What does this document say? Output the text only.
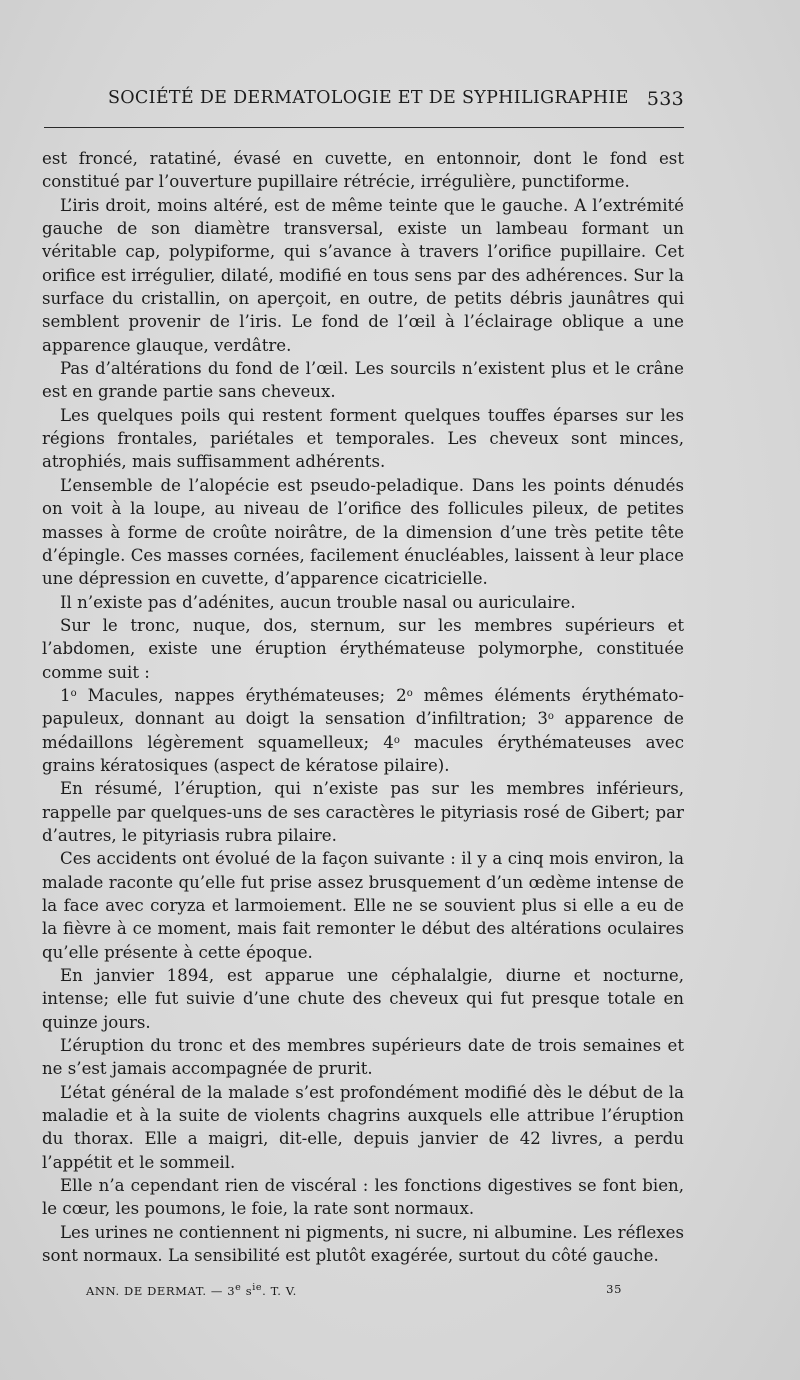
SOCIÉTÉ DE DERMATOLOGIE ET DE SYPHILIGRAPHIE 533

est froncé, ratatiné, évasé en cuvette, en entonnoir, dont le fond est constitué par l’ouverture pupillaire rétrécie, irrégulière, punctiforme.

L’iris droit, moins altéré, est de même teinte que le gauche. A l’extrémité gauche de son diamètre transversal, existe un lambeau formant un véritable cap, polypiforme, qui s’avance à travers l’orifice pupillaire. Cet orifice est irrégulier, dilaté, modifié en tous sens par des adhérences. Sur la surface du cristallin, on aperçoit, en outre, de petits débris jaunâtres qui semblent provenir de l’iris. Le fond de l’œil à l’éclairage oblique a une apparence glauque, verdâtre.

Pas d’altérations du fond de l’œil. Les sourcils n’existent plus et le crâne est en grande partie sans cheveux.

Les quelques poils qui restent forment quelques touffes éparses sur les régions frontales, pariétales et temporales. Les cheveux sont minces, atrophiés, mais suffisamment adhérents.

L’ensemble de l’alopécie est pseudo-peladique. Dans les points dénudés on voit à la loupe, au niveau de l’orifice des follicules pileux, de petites masses à forme de croûte noirâtre, de la dimension d’une très petite tête d’épingle. Ces masses cornées, facilement énucléables, laissent à leur place une dépression en cuvette, d’apparence cicatricielle.

Il n’existe pas d’adénites, aucun trouble nasal ou auriculaire.

Sur le tronc, nuque, dos, sternum, sur les membres supérieurs et l’abdomen, existe une éruption érythémateuse polymorphe, constituée comme suit :

1$^o$ Macules, nappes érythémateuses; 2$^o$ mêmes éléments érythémato-papuleux, donnant au doigt la sensation d’infiltration; 3$^o$ apparence de médaillons légèrement squamelleux; 4$^o$ macules érythémateuses avec grains kératosiques (aspect de kératose pilaire).

En résumé, l’éruption, qui n’existe pas sur les membres inférieurs, rappelle par quelques-uns de ses caractères le pityriasis rosé de Gibert; par d’autres, le pityriasis rubra pilaire.

Ces accidents ont évolué de la façon suivante : il y a cinq mois environ, la malade raconte qu’elle fut prise assez brusquement d’un œdème intense de la face avec coryza et larmoiement. Elle ne se souvient plus si elle a eu de la fièvre à ce moment, mais fait remonter le début des altérations oculaires qu’elle présente à cette époque.

En janvier 1894, est apparue une céphalalgie, diurne et nocturne, intense; elle fut suivie d’une chute des cheveux qui fut presque totale en quinze jours.

L’éruption du tronc et des membres supérieurs date de trois semaines et ne s’est jamais accompagnée de prurit.

L’état général de la malade s’est profondément modifié dès le début de la maladie et à la suite de violents chagrins auxquels elle attribue l’éruption du thorax. Elle a maigri, dit-elle, depuis janvier de 42 livres, a perdu l’appétit et le sommeil.

Elle n’a cependant rien de viscéral : les fonctions digestives se font bien, le cœur, les poumons, le foie, la rate sont normaux.

Les urines ne contiennent ni pigments, ni sucre, ni albumine. Les réflexes sont normaux. La sensibilité est plutôt exagérée, surtout du côté gauche.

ANN. DE DERMAT. — 3e $s^{ie}$. T. V.	35
